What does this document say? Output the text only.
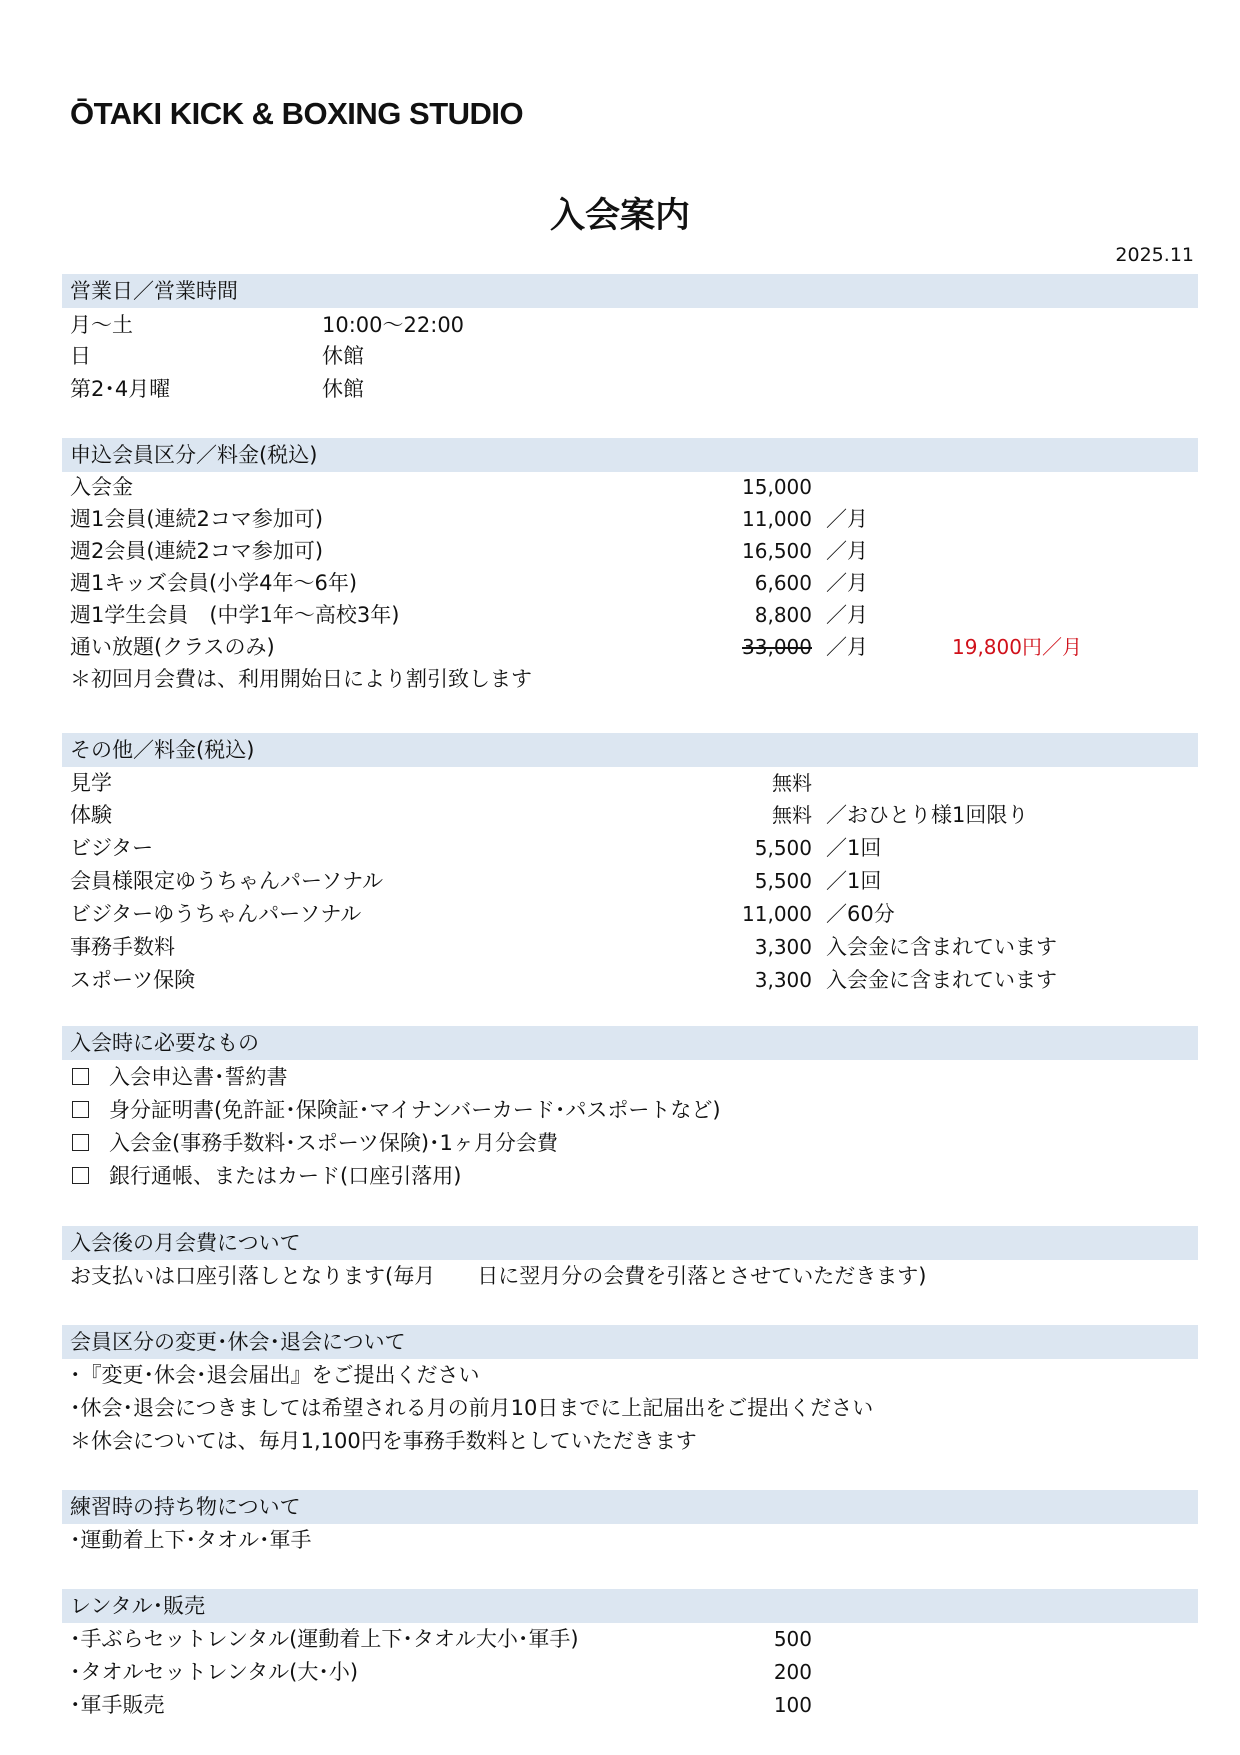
ŌTAKI KICK & BOXING STUDIO
入会案内
2025.11
営業日／営業時間
月～土	10:00～22:00
日	休館
第2･4月曜	休館
申込会員区分／料金(税込)
入会金	15,000
週1会員(連続2コマ参加可)	11,000 ／月
週2会員(連続2コマ参加可)	16,500 ／月
週1キッズ会員(小学4年～6年)	6,600 ／月
週1学生会員　(中学1年～高校3年)	8,800 ／月
通い放題(クラスのみ)	33,000 ／月	19,800円／月
＊初回月会費は、利用開始日により割引致します
その他／料金(税込)
見学	無料
体験	無料 ／おひとり様1回限り
ビジター	5,500 ／1回
会員様限定ゆうちゃんパーソナル	5,500 ／1回
ビジターゆうちゃんパーソナル	11,000 ／60分
事務手数料	3,300 入会金に含まれています
スポーツ保険	3,300 入会金に含まれています
入会時に必要なもの
入会申込書･誓約書
身分証明書(免許証･保険証･マイナンバーカード･パスポートなど)
入会金(事務手数料･スポーツ保険)･1ヶ月分会費
銀行通帳、またはカード(口座引落用)
入会後の月会費について
お支払いは口座引落しとなります(毎月　　日に翌月分の会費を引落とさせていただきます)
会員区分の変更･休会･退会について
･『変更･休会･退会届出』をご提出ください
･休会･退会につきましては希望される月の前月10日までに上記届出をご提出ください
＊休会については、毎月1,100円を事務手数料としていただきます
練習時の持ち物について
･運動着上下･タオル･軍手
レンタル･販売
･手ぶらセットレンタル(運動着上下･タオル大小･軍手)	500
･タオルセットレンタル(大･小)	200
･軍手販売	100
